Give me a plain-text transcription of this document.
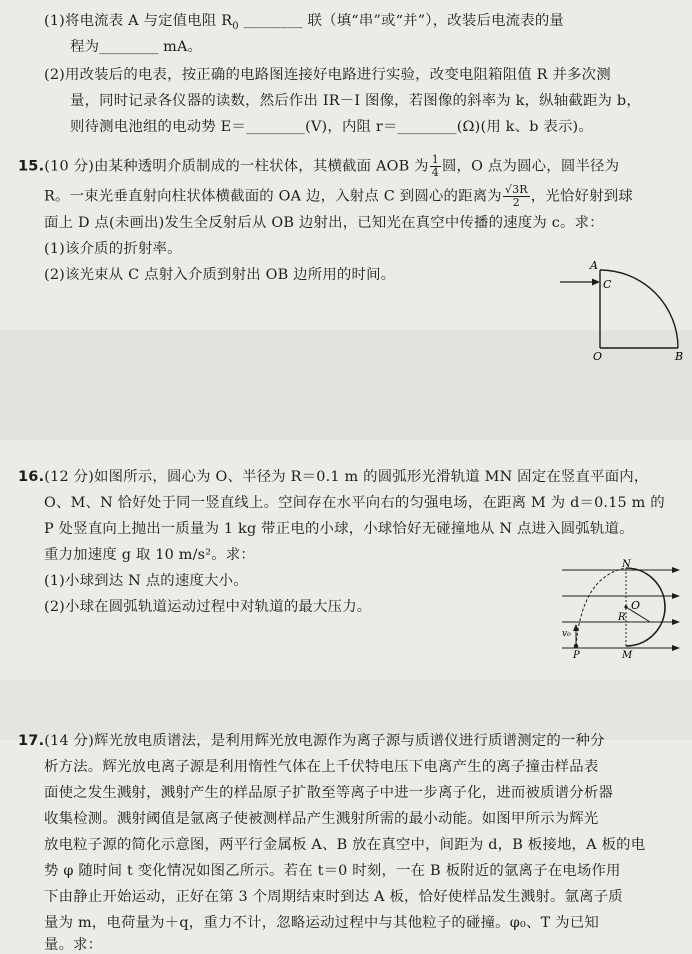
(1)将电流表 A 与定值电阻 $R_0$ ________ 联（填“串”或“并”），改装后电流表的量
程为________ mA。
(2)用改装后的电表，按正确的电路图连接好电路进行实验，改变电阻箱阻值 R 并多次测
量，同时记录各仪器的读数，然后作出 IR－I 图像，若图像的斜率为 k，纵轴截距为 b，
则待测电池组的电动势 E＝________(V)，内阻 r＝________(Ω)(用 k、b 表示)。
15.(10 分)由某种透明介质制成的一柱状体，其横截面 AOB 为 $\frac{1}{4}$ 圆，O 点为圆心，圆半径为
R。一束光垂直射向柱状体横截面的 OA 边，入射点 C 到圆心的距离为 $\frac{√3R}{2}$ ，光恰好射到球
面上 D 点(未画出)发生全反射后从 OB 边射出，已知光在真空中传播的速度为 c。求：
(1)该介质的折射率。
(2)该光束从 C 点射入介质到射出 OB 边所用的时间。
A
C
O	B
16.(12 分)如图所示，圆心为 O、半径为 R＝0.1 m 的圆弧形光滑轨道 MN 固定在竖直平面内，
O、M、N 恰好处于同一竖直线上。空间存在水平向右的匀强电场，在距离 M 为 d＝0.15 m 的
P 处竖直向上抛出一质量为 1 kg 带正电的小球，小球恰好无碰撞地从 N 点进入圆弧轨道。
重力加速度 g 取 10 m/s²。求：
(1)小球到达 N 点的速度大小。
(2)小球在圆弧轨道运动过程中对轨道的最大压力。
N
O
R
v₀
P	M
17.(14 分)辉光放电质谱法，是利用辉光放电源作为离子源与质谱仪进行质谱测定的一种分
析方法。辉光放电离子源是利用惰性气体在上千伏特电压下电离产生的离子撞击样品表
面使之发生溅射，溅射产生的样品原子扩散至等离子中进一步离子化，进而被质谱分析器
收集检测。溅射阈值是氩离子使被测样品产生溅射所需的最小动能。如图甲所示为辉光
放电粒子源的简化示意图，两平行金属板 A、B 放在真空中，间距为 d，B 板接地，A 板的电
势 φ 随时间 t 变化情况如图乙所示。若在 t＝0 时刻，一在 B 板附近的氩离子在电场作用
下由静止开始运动，正好在第 3 个周期结束时到达 A 板，恰好使样品发生溅射。氩离子质
量为 m，电荷量为＋q，重力不计，忽略运动过程中与其他粒子的碰撞。φ₀、T 为已知
量。求：
